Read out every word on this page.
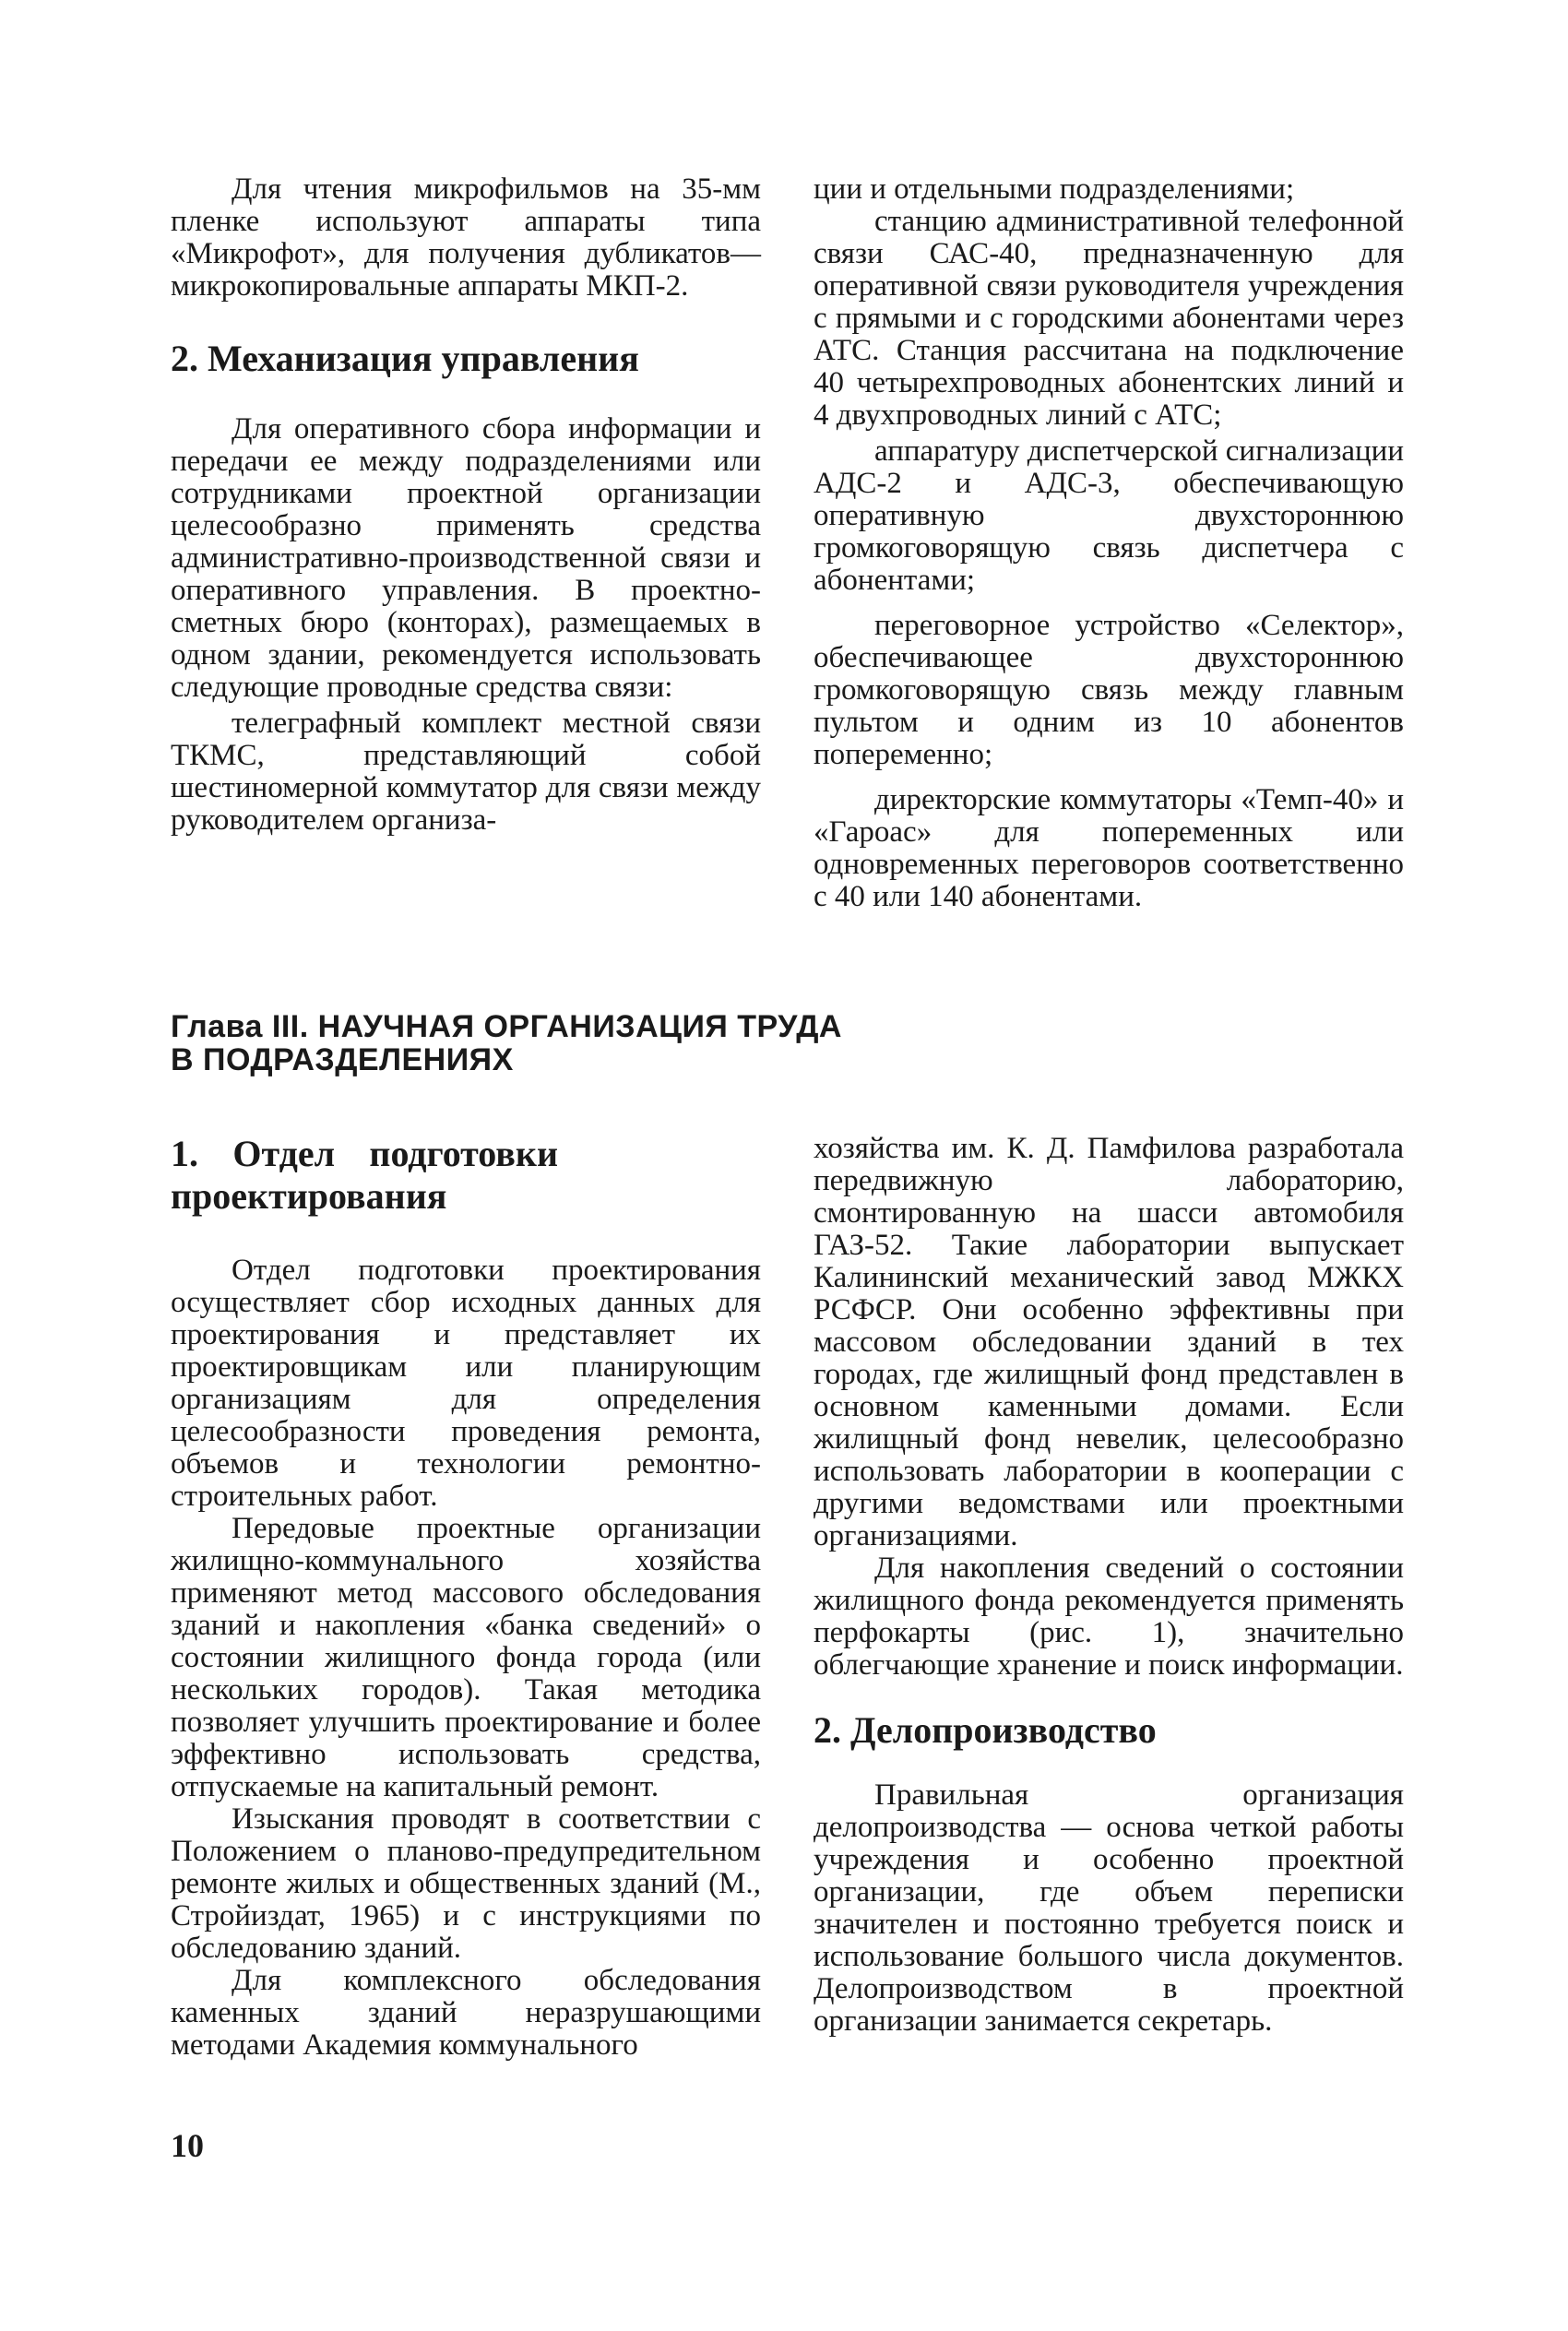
Для чтения микрофильмов на 35-мм пленке используют аппараты типа «Микрофот», для получения дубликатов—микрокопировальные аппараты МКП-2.

2. Механизация управления

Для оперативного сбора информации и передачи ее между подразделениями или сотрудниками проектной организации целесообразно применять средства административно-производственной связи и оперативного управления. В проектно-сметных бюро (конторах), размещаемых в одном здании, рекомендуется использовать следующие проводные средства связи:

телеграфный комплект местной связи ТКМС, представляющий собой шестиномерной коммутатор для связи между руководителем организа-

ции и отдельными подразделениями;

станцию административной телефонной связи САС-40, предназначенную для оперативной связи руководителя учреждения с прямыми и с городскими абонентами через АТС. Станция рассчитана на подключение 40 четырехпроводных абонентских линий и 4 двухпроводных линий с АТС;

аппаратуру диспетчерской сигнализации АДС-2 и АДС-3, обеспечивающую оперативную двухстороннюю громкоговорящую связь диспетчера с абонентами;

переговорное устройство «Селектор», обеспечивающее двухстороннюю громкоговорящую связь между главным пультом и одним из 10 абонентов попеременно;

директорские коммутаторы «Темп-40» и «Гароас» для попеременных или одновременных переговоров соответственно с 40 или 140 абонентами.

Глава III. НАУЧНАЯ ОРГАНИЗАЦИЯ ТРУДА
В ПОДРАЗДЕЛЕНИЯХ
1. Отдел подготовки проектирования

Отдел подготовки проектирования осуществляет сбор исходных данных для проектирования и представляет их проектировщикам или планирующим организациям для определения целесообразности проведения ремонта, объемов и технологии ремонтно-строительных работ.

Передовые проектные организации жилищно-коммунального хозяйства применяют метод массового обследования зданий и накопления «банка сведений» о состоянии жилищного фонда города (или нескольких городов). Такая методика позволяет улучшить проектирование и более эффективно использовать средства, отпускаемые на капитальный ремонт.

Изыскания проводят в соответствии с Положением о планово-предупредительном ремонте жилых и общественных зданий (М., Стройиздат, 1965) и с инструкциями по обследованию зданий.

Для комплексного обследования каменных зданий неразрушающими методами Академия коммунального

хозяйства им. К. Д. Памфилова разработала передвижную лабораторию, смонтированную на шасси автомобиля ГАЗ-52. Такие лаборатории выпускает Калининский механический завод МЖКХ РСФСР. Они особенно эффективны при массовом обследовании зданий в тех городах, где жилищный фонд представлен в основном каменными домами. Если жилищный фонд невелик, целесообразно использовать лаборатории в кооперации с другими ведомствами или проектными организациями.

Для накопления сведений о состоянии жилищного фонда рекомендуется применять перфокарты (рис. 1), значительно облегчающие хранение и поиск информации.

2. Делопроизводство

Правильная организация делопроизводства — основа четкой работы учреждения и особенно проектной организации, где объем переписки значителен и постоянно требуется поиск и использование большого числа документов. Делопроизводством в проектной организации занимается секретарь.

10
